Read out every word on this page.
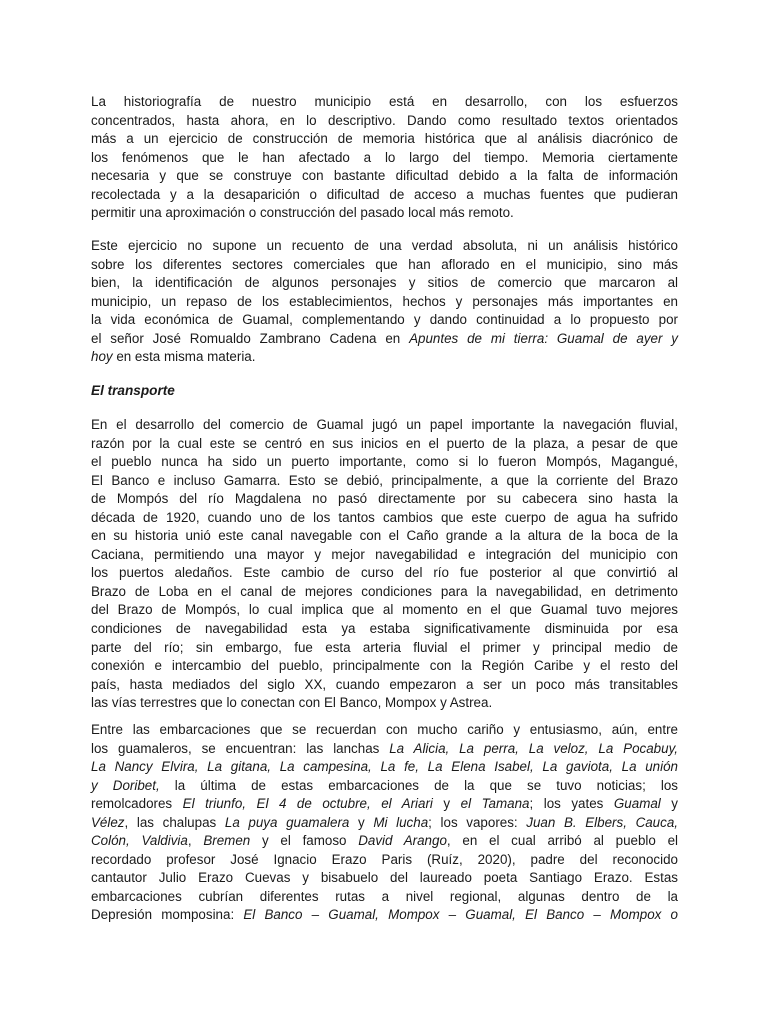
La historiografía de nuestro municipio está en desarrollo, con los esfuerzos
concentrados, hasta ahora, en lo descriptivo. Dando como resultado textos orientados
más a un ejercicio de construcción de memoria histórica que al análisis diacrónico de
los fenómenos que le han afectado a lo largo del tiempo. Memoria ciertamente
necesaria y que se construye con bastante dificultad debido a la falta de información
recolectada y a la desaparición o dificultad de acceso a muchas fuentes que pudieran
permitir una aproximación o construcción del pasado local más remoto.
Este ejercicio no supone un recuento de una verdad absoluta, ni un análisis histórico
sobre los diferentes sectores comerciales que han aflorado en el municipio, sino más
bien, la identificación de algunos personajes y sitios de comercio que marcaron al
municipio, un repaso de los establecimientos, hechos y personajes más importantes en
la vida económica de Guamal, complementando y dando continuidad a lo propuesto por
el señor José Romualdo Zambrano Cadena en Apuntes de mi tierra: Guamal de ayer y
hoy en esta misma materia.
El transporte
En el desarrollo del comercio de Guamal jugó un papel importante la navegación fluvial,
razón por la cual este se centró en sus inicios en el puerto de la plaza, a pesar de que
el pueblo nunca ha sido un puerto importante, como si lo fueron Mompós, Magangué,
El Banco e incluso Gamarra. Esto se debió, principalmente, a que la corriente del Brazo
de Mompós del río Magdalena no pasó directamente por su cabecera sino hasta la
década de 1920, cuando uno de los tantos cambios que este cuerpo de agua ha sufrido
en su historia unió este canal navegable con el Caño grande a la altura de la boca de la
Caciana, permitiendo una mayor y mejor navegabilidad e integración del municipio con
los puertos aledaños. Este cambio de curso del río fue posterior al que convirtió al
Brazo de Loba en el canal de mejores condiciones para la navegabilidad, en detrimento
del Brazo de Mompós, lo cual implica que al momento en el que Guamal tuvo mejores
condiciones de navegabilidad esta ya estaba significativamente disminuida por esa
parte del río; sin embargo, fue esta arteria fluvial el primer y principal medio de
conexión e intercambio del pueblo, principalmente con la Región Caribe y el resto del
país, hasta mediados del siglo XX, cuando empezaron a ser un poco más transitables
las vías terrestres que lo conectan con El Banco, Mompox y Astrea.
Entre las embarcaciones que se recuerdan con mucho cariño y entusiasmo, aún, entre
los guamaleros, se encuentran: las lanchas La Alicia, La perra, La veloz, La Pocabuy,
La Nancy Elvira, La gitana, La campesina, La fe, La Elena Isabel, La gaviota, La unión
y Doribet, la última de estas embarcaciones de la que se tuvo noticias; los
remolcadores El triunfo, El 4 de octubre, el Ariari y el Tamana; los yates Guamal y
Vélez, las chalupas La puya guamalera y Mi lucha; los vapores: Juan B. Elbers, Cauca,
Colón, Valdivia, Bremen y el famoso David Arango, en el cual arribó al pueblo el
recordado profesor José Ignacio Erazo Paris (Ruíz, 2020), padre del reconocido
cantautor Julio Erazo Cuevas y bisabuelo del laureado poeta Santiago Erazo. Estas
embarcaciones cubrían diferentes rutas a nivel regional, algunas dentro de la
Depresión momposina: El Banco – Guamal, Mompox – Guamal, El Banco – Mompox o
